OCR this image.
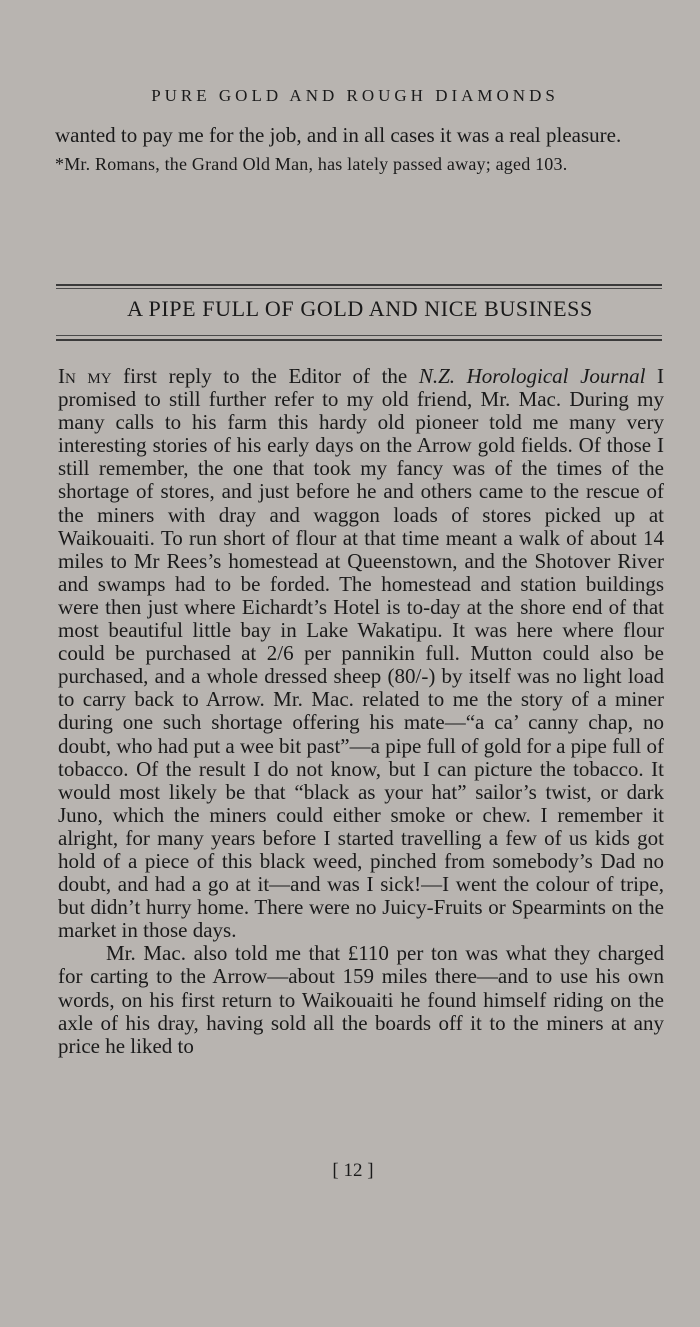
PURE GOLD AND ROUGH DIAMONDS

wanted to pay me for the job, and in all cases it was a real pleasure.

*Mr. Romans, the Grand Old Man, has lately passed away; aged 103.

A PIPE FULL OF GOLD AND NICE BUSINESS

In my first reply to the Editor of the N.Z. Horological Journal I promised to still further refer to my old friend, Mr. Mac. During my many calls to his farm this hardy old pioneer told me many very interesting stories of his early days on the Arrow gold fields. Of those I still remember, the one that took my fancy was of the times of the shortage of stores, and just before he and others came to the rescue of the miners with dray and waggon loads of stores picked up at Waikouaiti. To run short of flour at that time meant a walk of about 14 miles to Mr Rees’s homestead at Queenstown, and the Shotover River and swamps had to be forded. The homestead and station buildings were then just where Eichardt’s Hotel is to-day at the shore end of that most beautiful little bay in Lake Wakatipu. It was here where flour could be purchased at 2/6 per pannikin full. Mutton could also be purchased, and a whole dressed sheep (80/-) by itself was no light load to carry back to Arrow. Mr. Mac. related to me the story of a miner during one such shortage offering his mate—“a ca’ canny chap, no doubt, who had put a wee bit past”—a pipe full of gold for a pipe full of tobacco. Of the result I do not know, but I can picture the tobacco. It would most likely be that “black as your hat” sailor’s twist, or dark Juno, which the miners could either smoke or chew. I remember it alright, for many years before I started travelling a few of us kids got hold of a piece of this black weed, pinched from somebody’s Dad no doubt, and had a go at it—and was I sick!—I went the colour of tripe, but didn’t hurry home. There were no Juicy-Fruits or Spearmints on the market in those days.

Mr. Mac. also told me that £110 per ton was what they charged for carting to the Arrow—about 159 miles there—and to use his own words, on his first return to Waikouaiti he found himself riding on the axle of his dray, having sold all the boards off it to the miners at any price he liked to

[ 12 ]
